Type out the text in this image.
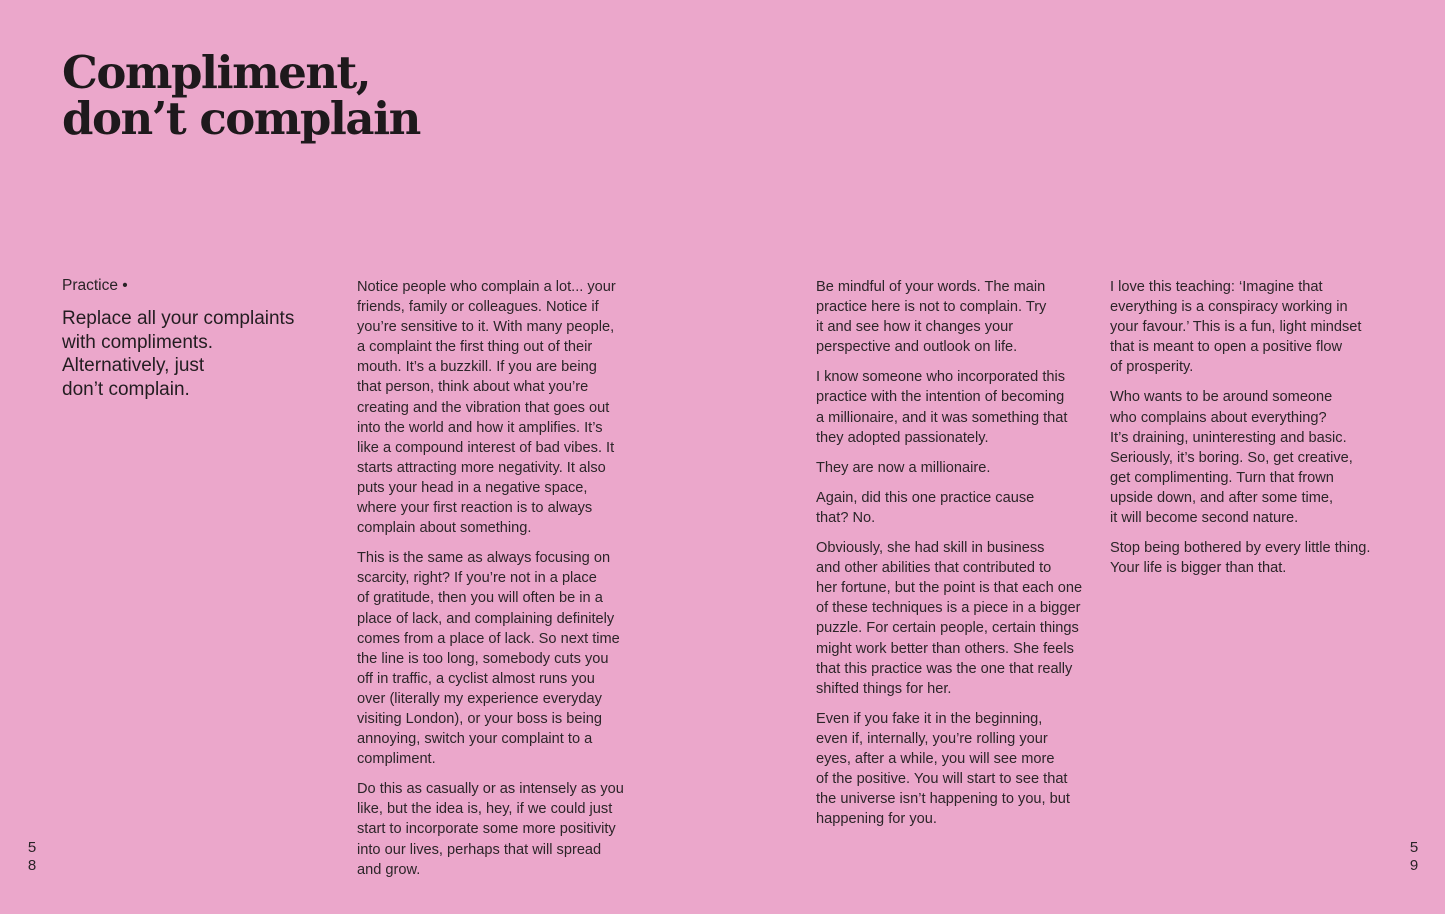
Compliment,
don’t complain
Practice •

Replace all your complaints
with compliments.
Alternatively, just
don’t complain.

Notice people who complain a lot... your
friends, family or colleagues. Notice if
you’re sensitive to it. With many people,
a complaint the first thing out of their
mouth. It’s a buzzkill. If you are being
that person, think about what you’re
creating and the vibration that goes out
into the world and how it amplifies. It’s
like a compound interest of bad vibes. It
starts attracting more negativity. It also
puts your head in a negative space,
where your first reaction is to always
complain about something.

This is the same as always focusing on
scarcity, right? If you’re not in a place
of gratitude, then you will often be in a
place of lack, and complaining definitely
comes from a place of lack. So next time
the line is too long, somebody cuts you
off in traffic, a cyclist almost runs you
over (literally my experience everyday
visiting London), or your boss is being
annoying, switch your complaint to a
compliment.

Do this as casually or as intensely as you
like, but the idea is, hey, if we could just
start to incorporate some more positivity
into our lives, perhaps that will spread
and grow.

Be mindful of your words. The main
practice here is not to complain. Try
it and see how it changes your
perspective and outlook on life.

I know someone who incorporated this
practice with the intention of becoming
a millionaire, and it was something that
they adopted passionately.

They are now a millionaire.

Again, did this one practice cause
that? No.

Obviously, she had skill in business
and other abilities that contributed to
her fortune, but the point is that each one
of these techniques is a piece in a bigger
puzzle. For certain people, certain things
might work better than others. She feels
that this practice was the one that really
shifted things for her.

Even if you fake it in the beginning,
even if, internally, you’re rolling your
eyes, after a while, you will see more
of the positive. You will start to see that
the universe isn’t happening to you, but
happening for you.

I love this teaching: ‘Imagine that
everything is a conspiracy working in
your favour.’ This is a fun, light mindset
that is meant to open a positive flow
of prosperity.

Who wants to be around someone
who complains about everything?
It’s draining, uninteresting and basic.
Seriously, it’s boring. So, get creative,
get complimenting. Turn that frown
upside down, and after some time,
it will become second nature.

Stop being bothered by every little thing.
Your life is bigger than that.

5
8
5
9
